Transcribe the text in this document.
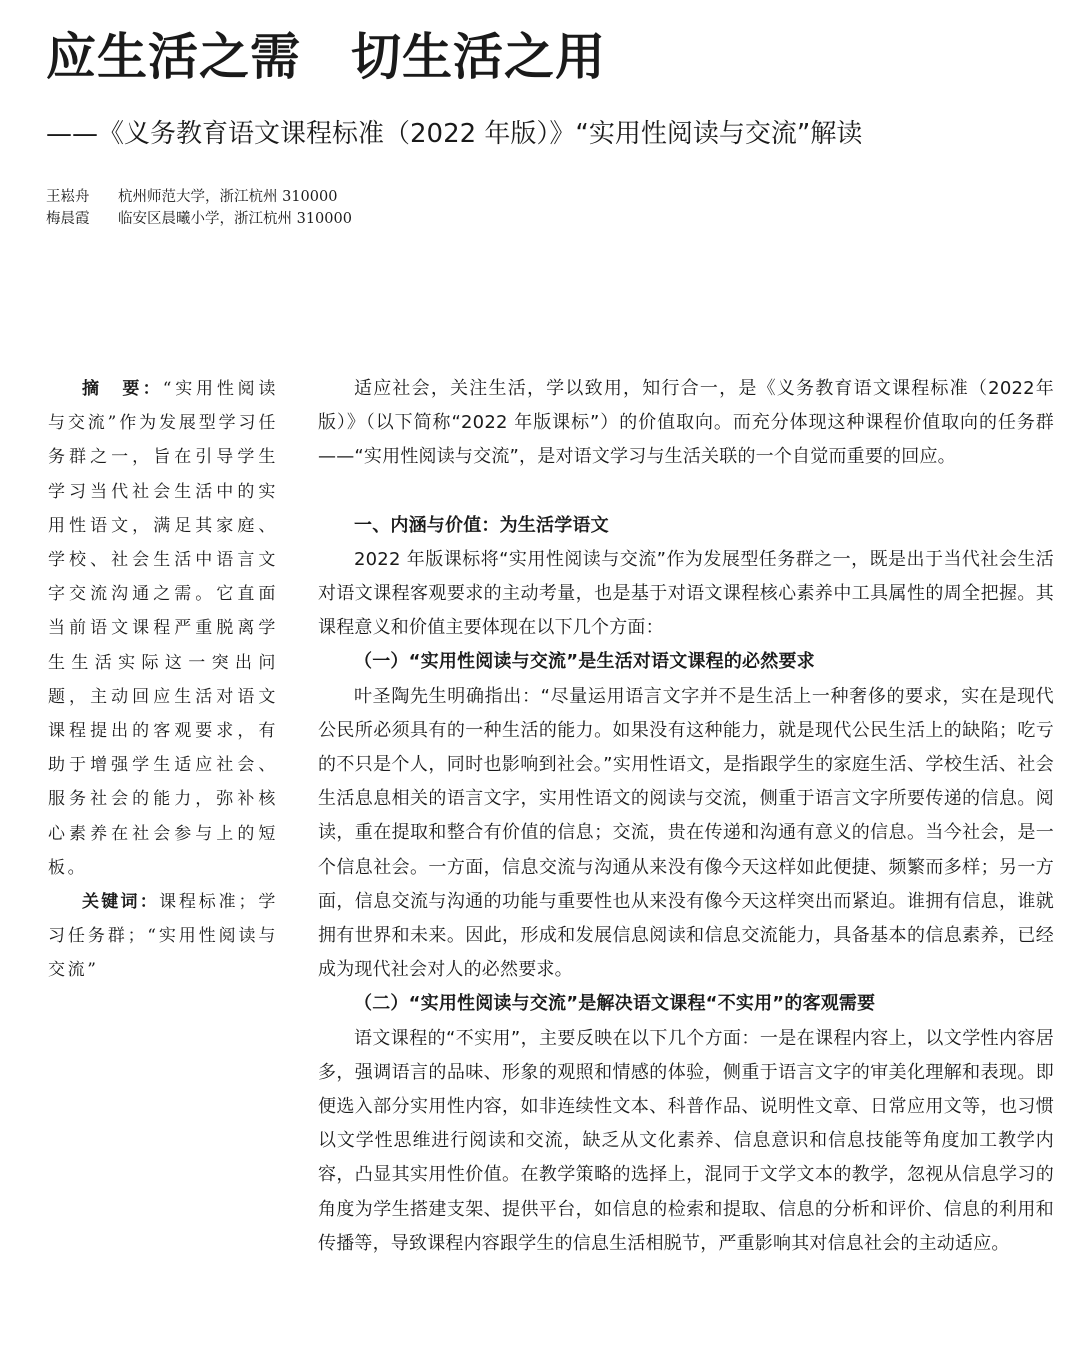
应生活之需 切生活之用
——《义务教育语文课程标准（2022 年版）》“实用性阅读与交流”解读
王崧舟 杭州师范大学，浙江杭州 310000
梅晨霞 临安区晨曦小学，浙江杭州 310000

摘　要：“实用性阅读与交流”作为发展型学习任务群之一，旨在引导学生学习当代社会生活中的实用性语文，满足其家庭、学校、社会生活中语言文字交流沟通之需。它直面当前语文课程严重脱离学生生活实际这一突出问题，主动回应生活对语文课程提出的客观要求，有助于增强学生适应社会、服务社会的能力，弥补核心素养在社会参与上的短板。

关键词：课程标准；学习任务群；“实用性阅读与交流”

适应社会，关注生活，学以致用，知行合一，是《义务教育语文课程标准（2022年版）》（以下简称“2022 年版课标”）的价值取向。而充分体现这种课程价值取向的任务群——“实用性阅读与交流”，是对语文学习与生活关联的一个自觉而重要的回应。

一、内涵与价值：为生活学语文

2022 年版课标将“实用性阅读与交流”作为发展型任务群之一，既是出于当代社会生活对语文课程客观要求的主动考量，也是基于对语文课程核心素养中工具属性的周全把握。其课程意义和价值主要体现在以下几个方面：

（一）“实用性阅读与交流”是生活对语文课程的必然要求

叶圣陶先生明确指出：“尽量运用语言文字并不是生活上一种奢侈的要求，实在是现代公民所必须具有的一种生活的能力。如果没有这种能力，就是现代公民生活上的缺陷；吃亏的不只是个人，同时也影响到社会。”实用性语文，是指跟学生的家庭生活、学校生活、社会生活息息相关的语言文字，实用性语文的阅读与交流，侧重于语言文字所要传递的信息。阅读，重在提取和整合有价值的信息；交流，贵在传递和沟通有意义的信息。当今社会，是一个信息社会。一方面，信息交流与沟通从来没有像今天这样如此便捷、频繁而多样；另一方面，信息交流与沟通的功能与重要性也从来没有像今天这样突出而紧迫。谁拥有信息，谁就拥有世界和未来。因此，形成和发展信息阅读和信息交流能力，具备基本的信息素养，已经成为现代社会对人的必然要求。

（二）“实用性阅读与交流”是解决语文课程“不实用”的客观需要

语文课程的“不实用”，主要反映在以下几个方面：一是在课程内容上，以文学性内容居多，强调语言的品味、形象的观照和情感的体验，侧重于语言文字的审美化理解和表现。即便选入部分实用性内容，如非连续性文本、科普作品、说明性文章、日常应用文等，也习惯以文学性思维进行阅读和交流，缺乏从文化素养、信息意识和信息技能等角度加工教学内容，凸显其实用性价值。在教学策略的选择上，混同于文学文本的教学，忽视从信息学习的角度为学生搭建支架、提供平台，如信息的检索和提取、信息的分析和评价、信息的利用和传播等，导致课程内容跟学生的信息生活相脱节，严重影响其对信息社会的主动适应。
